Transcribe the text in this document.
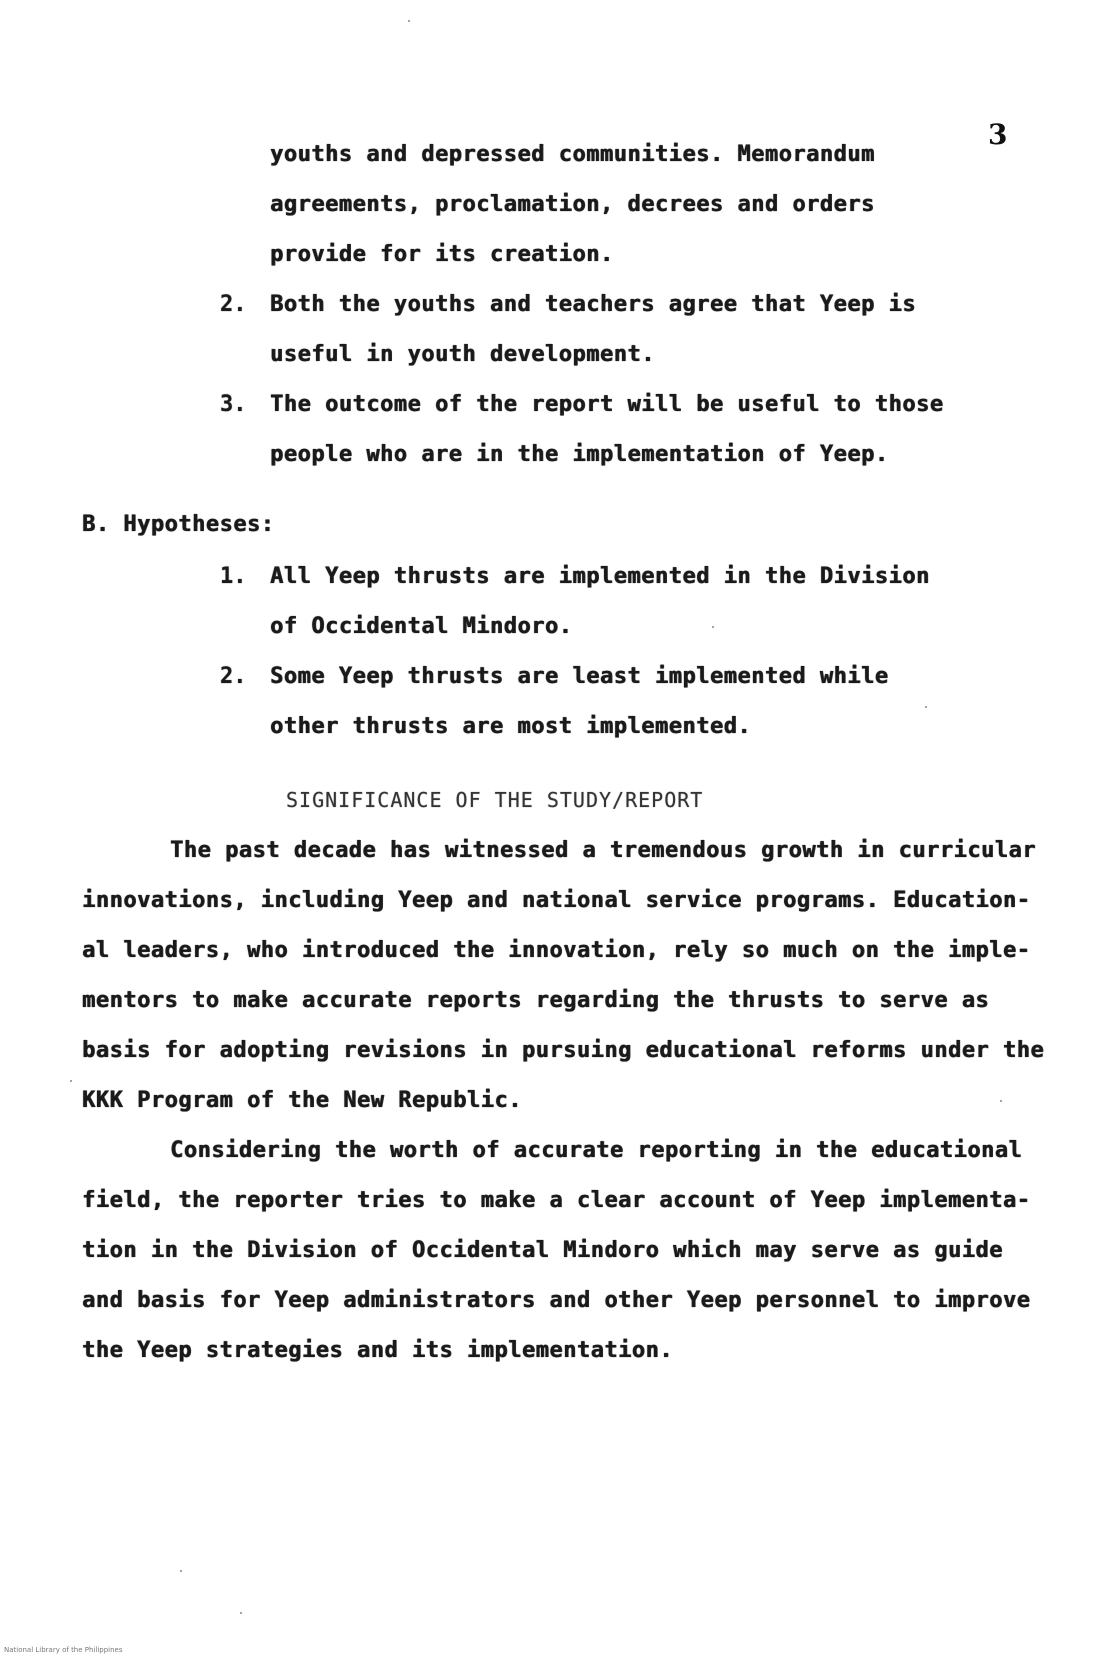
3
youths and depressed communities. Memorandum
agreements, proclamation, decrees and orders
provide for its creation.
2. Both the youths and teachers agree that Yeep is
useful in youth development.
3. The outcome of the report will be useful to those
people who are in the implementation of Yeep.
B. Hypotheses:
1. All Yeep thrusts are implemented in the Division
of Occidental Mindoro.
2. Some Yeep thrusts are least implemented while
other thrusts are most implemented.
SIGNIFICANCE OF THE STUDY/REPORT
The past decade has witnessed a tremendous growth in curricular
innovations, including Yeep and national service programs. Education-
al leaders, who introduced the innovation, rely so much on the imple-
mentors to make accurate reports regarding the thrusts to serve as
basis for adopting revisions in pursuing educational reforms under the
KKK Program of the New Republic.
Considering the worth of accurate reporting in the educational
field, the reporter tries to make a clear account of Yeep implementa-
tion in the Division of Occidental Mindoro which may serve as guide
and basis for Yeep administrators and other Yeep personnel to improve
the Yeep strategies and its implementation.
National Library of the Philippines
